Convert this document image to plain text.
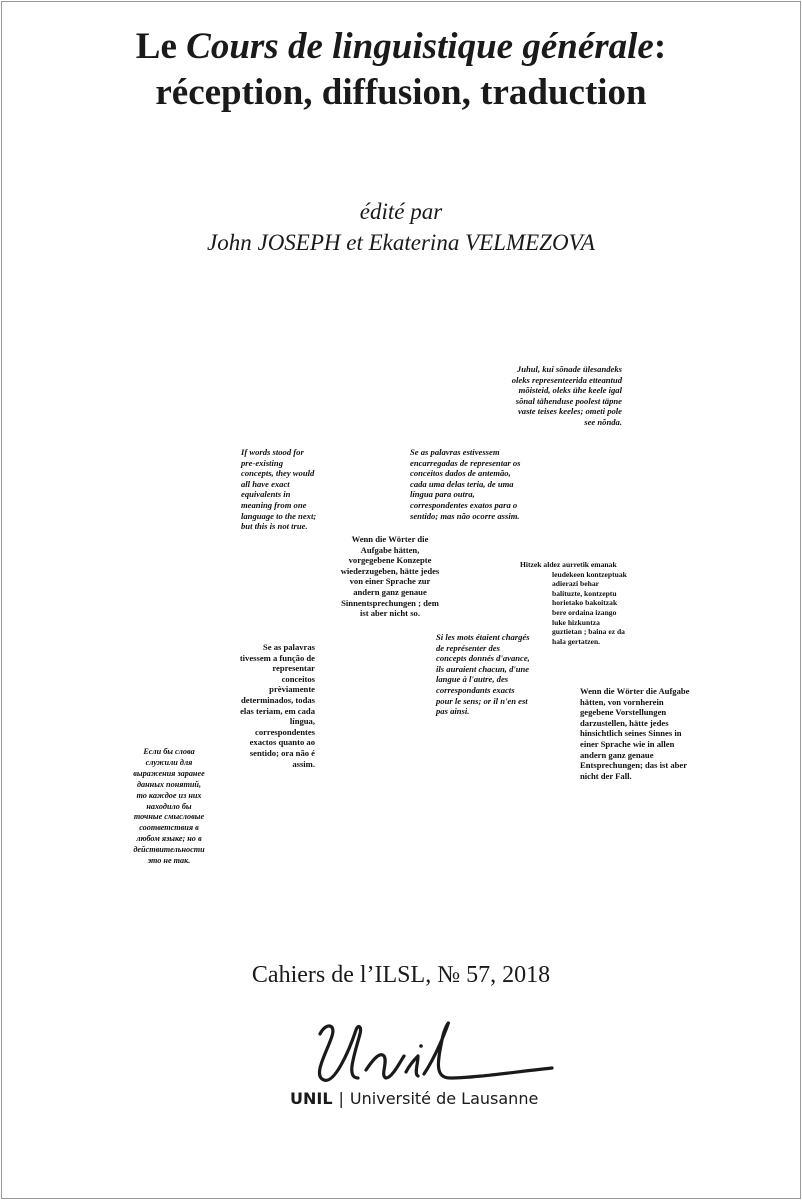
Le Cours de linguistique générale:
réception, diffusion, traduction
édité par
John JOSEPH et Ekaterina VELMEZOVA
Juhul, kui sõnade ülesandeks
oleks representeerida etteantud
mõisteid, oleks ühe keele igal
sõnal tähenduse poolest täpne
vaste teises keeles; ometi pole
see nõnda.
If words stood for
pre-existing
concepts, they would
all have exact
equivalents in
meaning from one
language to the next;
but this is not true.
Se as palavras estivessem
encarregadas de representar os
conceitos dados de antemão,
cada uma delas teria, de uma
língua para outra,
correspondentes exatos para o
sentido; mas não ocorre assim.
Wenn die Wörter die
Aufgabe hätten,
vorgegebene Konzepte
wiederzugeben, hätte jedes
von einer Sprache zur
andern ganz genaue
Sinnentsprechungen ; dem
ist aber nicht so.
Hitzek aldez aurretik emanak
leudekeen kontzeptuak
adierazi behar
balituzte, kontzeptu
horietako bakoitzak
bere ordaina izango
luke hizkuntza
guztietan ; baina ez da
hala gertatzen.
Se as palavras
tivessem a função de
representar
conceitos
prèviamente
determinados, todas
elas teriam, em cada
língua,
correspondentes
exactos quanto ao
sentido; ora não é
assim.
Si les mots étaient chargés
de représenter des
concepts donnés d'avance,
ils auraient chacun, d'une
langue à l'autre, des
correspondants exacts
pour le sens; or il n'en est
pas ainsi.
Wenn die Wörter die Aufgabe
hätten, von vornherein
gegebene Vorstellungen
darzustellen, hätte jedes
hinsichtlich seines Sinnes in
einer Sprache wie in allen
andern ganz genaue
Entsprechungen; das ist aber
nicht der Fall.
Если бы слова
служили для
выражения заранее
данных понятий,
то каждое из них
находило бы
точные смысловые
соответствия в
любом языке; но в
действительности
это не так.
Cahiers de l’ILSL, № 57, 2018
UNIL | Université de Lausanne
